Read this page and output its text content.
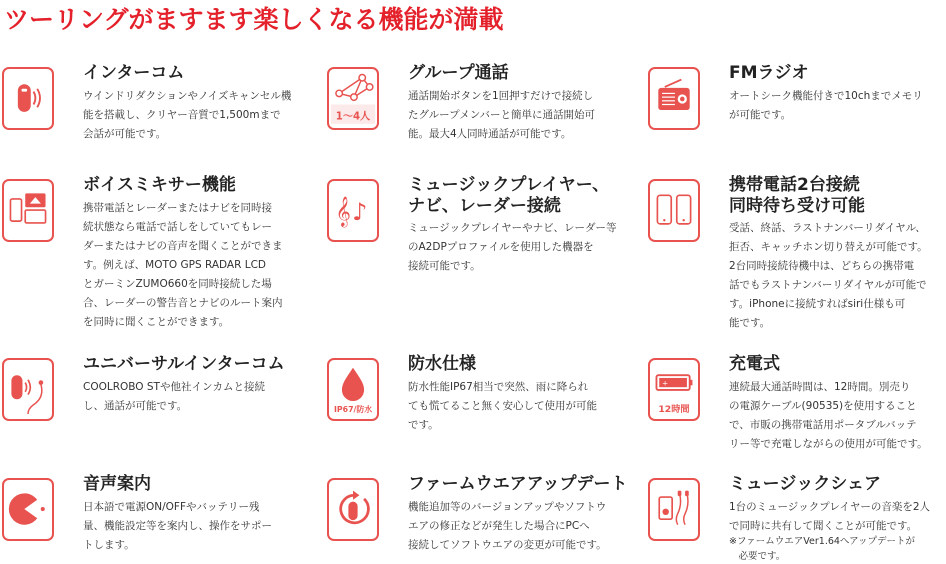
ツーリングがますます楽しくなる機能が満載
インターコム

ウインドリダクションやノイズキャンセル機
能を搭載し、クリヤー音質で1,500mまで
会話が可能です。

1〜4人
グループ通話

通話開始ボタンを1回押すだけで接続し
たグループメンバーと簡単に通話開始可
能。最大4人同時通話が可能です。

FMラジオ

オートシーク機能付きで10chまでメモリ
が可能です。

ボイスミキサー機能

携帯電話とレーダーまたはナビを同時接
続状態なら電話で話しをしていてもレー
ダーまたはナビの音声を聞くことができま
す。例えば、MOTO GPS RADAR LCD
とガーミンZUMO660を同時接続した場
合、レーダーの警告音とナビのルート案内
を同時に聞くことができます。

𝄞 ♪
ミュージックプレイヤー、
ナビ、レーダー接続

ミュージックプレイヤーやナビ、レーダー等
のA2DPプロファイルを使用した機器を
接続可能です。

携帯電話2台接続
同時待ち受け可能

受話、終話、ラストナンバーリダイヤル、
拒否、キャッチホン切り替えが可能です。
2台同時接続待機中は、どちらの携帯電
話でもラストナンバーリダイヤルが可能で
す。iPhoneに接続すればsiri仕様も可
能です。

ユニバーサルインターコム

COOLROBO STや他社インカムと接続
し、通話が可能です。	IP67/防水
防水仕様

防水性能IP67相当で突然、雨に降られ
ても慌てること無く安心して使用が可能
です。

+
12時間
充電式

連続最大通話時間は、12時間。別売り
の電源ケーブル(90535)を使用すること
で、市販の携帯電話用ポータブルバッテ
リー等で充電しながらの使用が可能です。

音声案内

日本語で電源ON/OFFやバッテリー残
量、機能設定等を案内し、操作をサポー
トします。

ファームウエアアップデート

機能追加等のバージョンアップやソフトウ
エアの修正などが発生した場合にPCへ
接続してソフトウエアの変更が可能です。

ミュージックシェア

1台のミュージックプレイヤーの音楽を2人
で同時に共有して聞くことが可能です。

※ファームウエアVer1.64へアップデートが
　必要です。
